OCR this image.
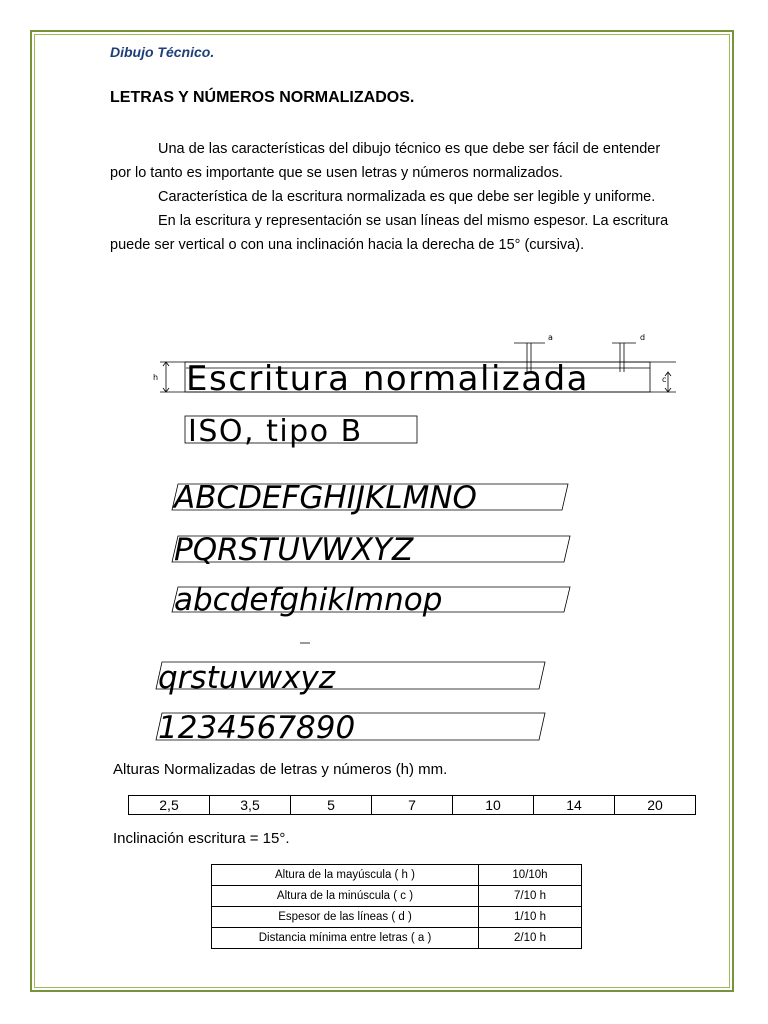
Dibujo Técnico.
LETRAS Y NÚMEROS NORMALIZADOS.

Una de las características del dibujo técnico es que debe ser fácil de entender por lo tanto es importante que se usen letras y números normalizados.

Característica de la escritura normalizada es que debe ser legible y uniforme.

En la escritura y representación se usan líneas del mismo espesor. La escritura puede ser vertical o con una inclinación hacia la derecha de 15° (cursiva).

h	c
a	d
Escritura normalizada
ISO, tipo B
ABCDEFGHIJKLMNO
PQRSTUVWXYZ
abcdefghiklmnop
qrstuvwxyz
1234567890
Alturas Normalizadas de letras y números (h) mm.
2,5	3,5	5	7	10	14	20
Inclinación escritura = 15°.
Altura de la mayúscula ( h )	10/10h
Altura de la minúscula ( c )	7/10 h
Espesor de las líneas ( d )	1/10 h
Distancia mínima entre letras ( a )	2/10 h
